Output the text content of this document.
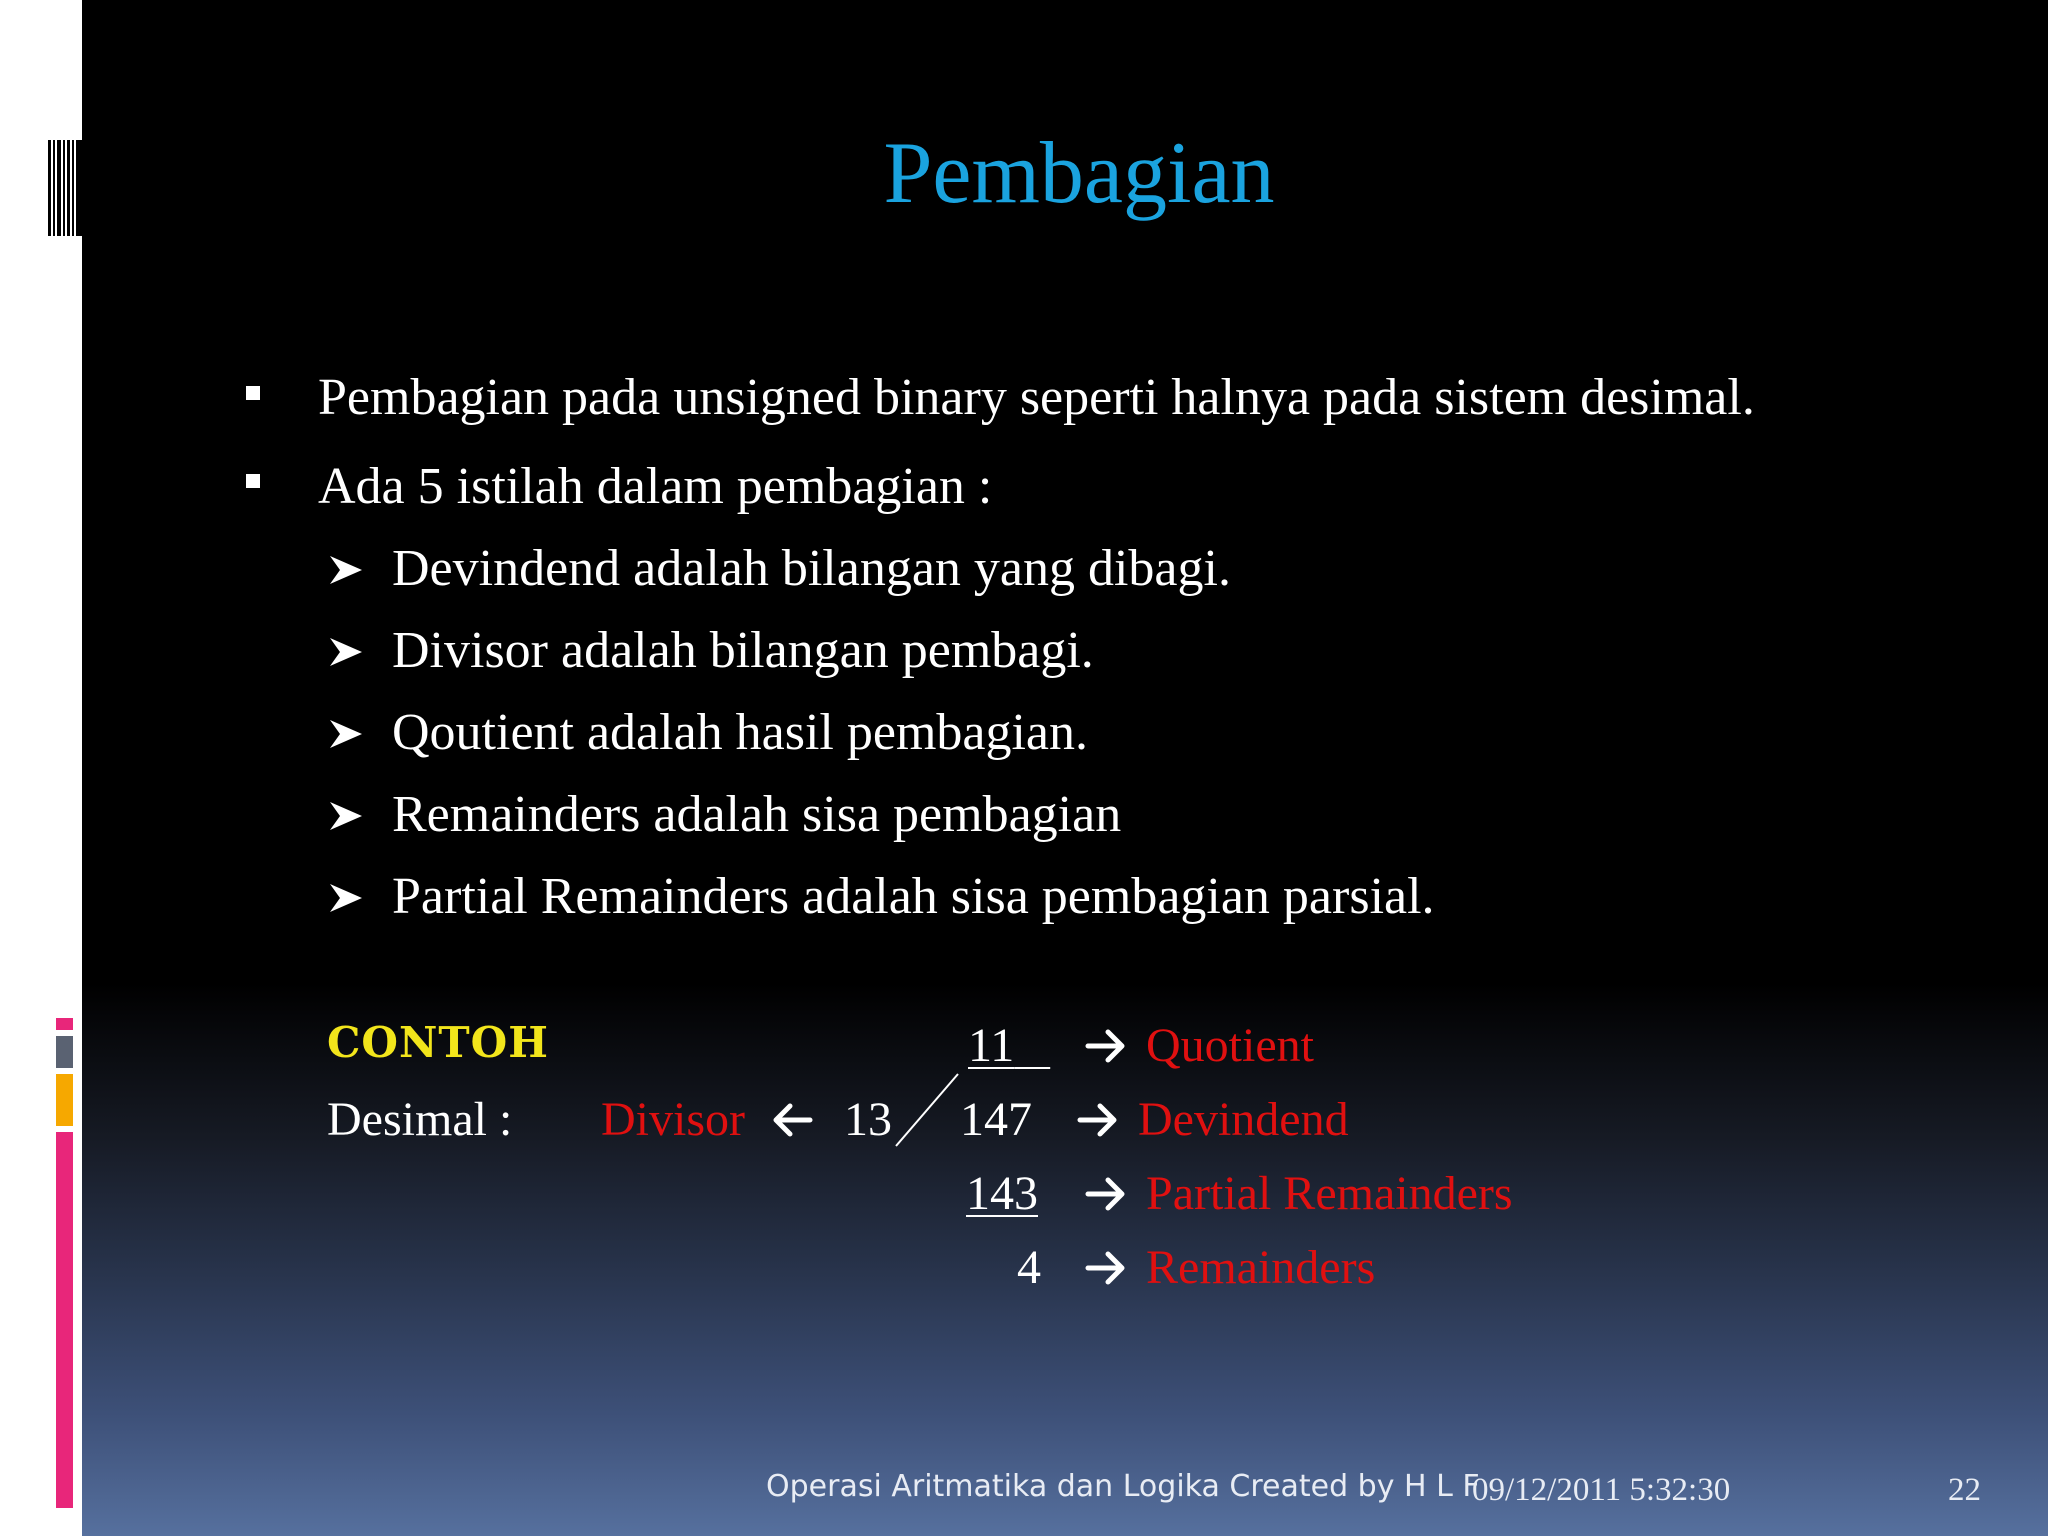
Pembagian
Pembagian pada unsigned binary seperti halnya pada sistem desimal.
Ada 5 istilah dalam pembagian :
Devindend adalah bilangan yang dibagi.
Divisor adalah bilangan pembagi.
Qoutient adalah hasil pembagian.
Remainders adalah sisa pembagian
Partial Remainders adalah sisa pembagian parsial.
CONTOH
Desimal : Divisor 13
11
147
143
4
Quotient
Devindend
Partial Remainders
Remainders
Operasi Aritmatika dan Logika Created by H L F
09/12/2011 5:32:30	22
